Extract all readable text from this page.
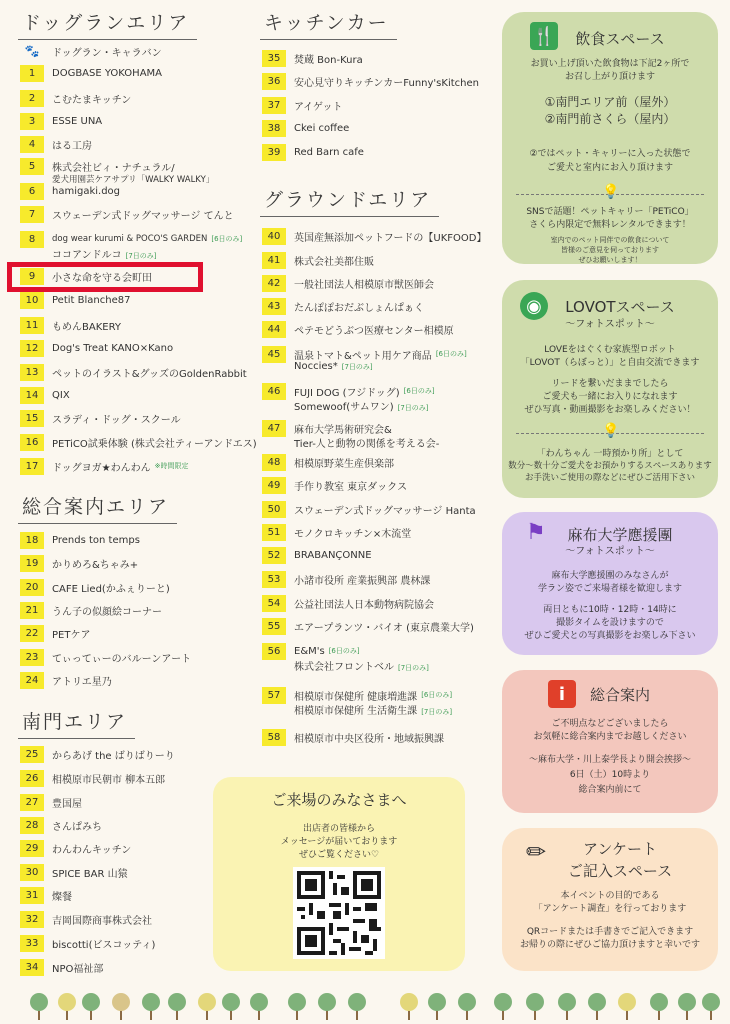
ドッグランエリア
🐾	ドッグラン・キャラバン
1	DOGBASE YOKOHAMA
2	こむたまキッチン
3	ESSE UNA
4	はる工房
5	株式会社ビィ・ナチュラル/
愛犬用園芸ケアサプリ「WALKY WALKY」
6	hamigaki.dog
7	スウェーデン式ドッグマッサージ てんと
8	dog wear kurumi & POCO'S GARDEN [6日のみ]
ココアンドルコ [7日のみ]
9	小さな命を守る会町田
10	Petit Blanche87
11	もめんBAKERY
12	Dog's Treat KANO×Kano
13	ペットのイラスト&グッズのGoldenRabbit
14	QIX
15	スラディ・ドッグ・スクール
16	PETiCO試乗体験 (株式会社ティーアンドエス)
17	ドッグヨガ★わんわん ※時間限定
総合案内エリア
18	Prends ton temps
19	かりめろ&ちゃみ+
20	CAFE Lied(かふぇりーと)
21	うん子の似顔絵コーナー
22	PETケア
23	てぃってぃーのバルーンアート
24	アトリエ星乃
南門エリア
25	からあげ the ばりばりーり
26	相模原市民朝市 柳本五郎
27	豊国屋
28	さんぱみち
29	わんわんキッチン
30	SPICE BAR 山猿
31	燦餐
32	吉岡国際商事株式会社
33	biscotti(ビスコッティ)
34	NPO福祉部
キッチンカー
35	焚蔵 Bon-Kura
36	安心見守りキッチンカーFunny'sKitchen
37	アイゲット
38	Ckei coffee
39	Red Barn cafe
グラウンドエリア
40	英国産無添加ペットフードの【UKFOOD】
41	株式会社美都住販
42	一般社団法人相模原市獣医師会
43	たんぽぽおだぶしょんぱぁく
44	ペテモどうぶつ医療センター相模原
45	温泉トマト&ペット用ケア商品 [6日のみ]
Noccies* [7日のみ]
46	FUJI DOG (フジドッグ) [6日のみ]
Somewoof(サムワン) [7日のみ]
47	麻布大学馬術研究会&
Tier-人と動物の関係を考える会-
48	相模原野菜生産倶楽部
49	手作り教室 東京ダックス
50	スウェーデン式ドッグマッサージ Hanta
51	モノクロキッチン×木流堂
52	BRABANÇONNE
53	小諸市役所 産業振興部 農林課
54	公益社団法人日本動物病院協会
55	エアープランツ・バイオ (東京農業大学)
56	E&M's [6日のみ]
株式会社フロントベル [7日のみ]
57	相模原市保健所 健康増進課 [6日のみ]
相模原市保健所 生活衛生課 [7日のみ]
58	相模原市中央区役所・地域振興課
ご来場のみなさまへ
出店者の皆様から
メッセージが届いております
ぜひご覧ください♡
🍴	飲食スペース
お買い上げ頂いた飲食物は下記2ヶ所で
お召し上がり頂けます
①南門エリア前（屋外）
②南門前さくら（屋内）
②ではペット・キャリーに入った状態で
ご愛犬と室内にお入り頂けます
💡
SNSで話題！ペットキャリー「PETiCO」
さくら内限定で無料レンタルできます！
室内でのペット同伴での飲食について
皆様のご意見を伺っております
ぜひお願いします！
◉	LOVOTスペース
〜フォトスポット〜
LOVEをはぐくむ家族型ロボット
「LOVOT（らぼっと）」と自由交流できます
リードを繋いだままでしたら
ご愛犬も一緒にお入りになれます
ぜひ写真・動画撮影をお楽しみください！
💡
「わんちゃん 一時預かり所」として
数分〜数十分ご愛犬をお預かりするスペースあります
お手洗いご使用の際などにぜひご活用下さい
⚑	麻布大学應援團
〜フォトスポット〜
麻布大学應援團のみなさんが
学ラン姿でご来場者様を歓迎します
両日ともに10時・12時・14時に
撮影タイムを設けますので
ぜひご愛犬との写真撮影をお楽しみ下さい
i	総合案内
ご不明点などございましたら
お気軽に総合案内までお越しください
〜麻布大学・川上泰学長より開会挨拶〜
6日（土）10時より
総合案内前にて
✏	アンケート
ご記入スペース
本イベントの目的である
「アンケート調査」を行っております
QRコードまたは手書きでご記入できます
お帰りの際にぜひご協力頂けますと幸いです
